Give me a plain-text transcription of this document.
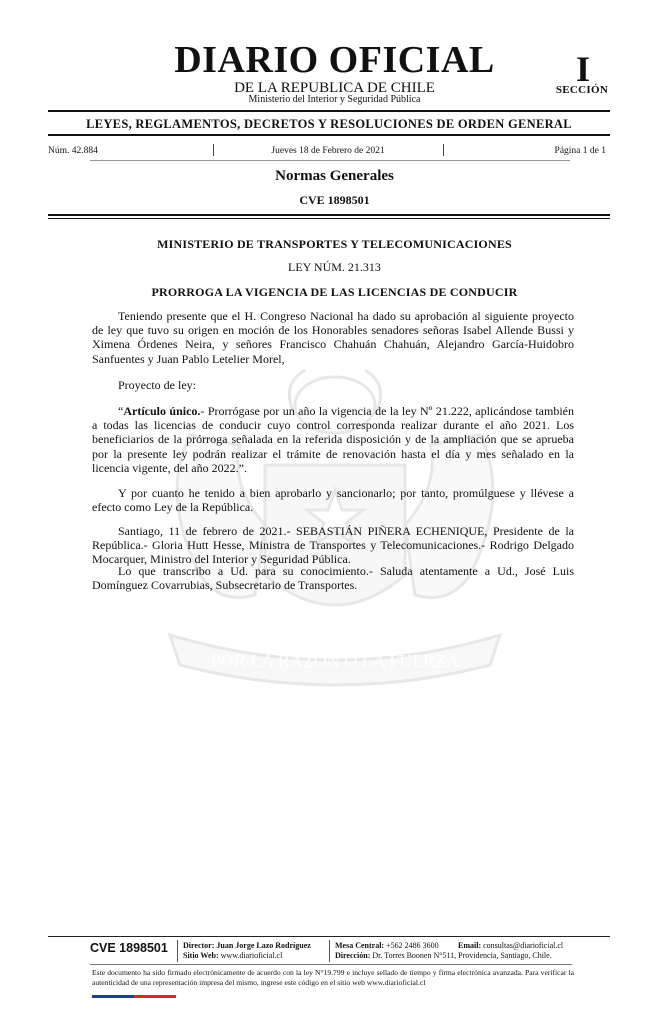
DIARIO OFICIAL
DE LA REPUBLICA DE CHILE
Ministerio del Interior y Seguridad Pública
I
SECCIÓN
LEYES, REGLAMENTOS, DECRETOS Y RESOLUCIONES DE ORDEN GENERAL
Núm. 42.884	Jueves 18 de Febrero de 2021	Página 1 de 1
Normas Generales
CVE 1898501
POR LA RAZON O LA FUERZA
MINISTERIO DE TRANSPORTES Y TELECOMUNICACIONES
LEY NÚM. 21.313
PRORROGA LA VIGENCIA DE LAS LICENCIAS DE CONDUCIR
Teniendo presente que el H. Congreso Nacional ha dado su aprobación al siguiente proyecto de ley que tuvo su origen en moción de los Honorables senadores señoras Isabel Allende Bussi y Ximena Órdenes Neira, y señores Francisco Chahuán Chahuán, Alejandro García-Huidobro Sanfuentes y Juan Pablo Letelier Morel,
Proyecto de ley:
“Artículo único.- Prorrógase por un año la vigencia de la ley Nº 21.222, aplicándose también a todas las licencias de conducir cuyo control corresponda realizar durante el año 2021. Los beneficiarios de la prórroga señalada en la referida disposición y de la ampliación que se aprueba por la presente ley podrán realizar el trámite de renovación hasta el día y mes señalado en la licencia vigente, del año 2022.”.
Y por cuanto he tenido a bien aprobarlo y sancionarlo; por tanto, promúlguese y llévese a efecto como Ley de la República.
Santiago, 11 de febrero de 2021.- SEBASTIÁN PIÑERA ECHENIQUE, Presidente de la República.- Gloria Hutt Hesse, Ministra de Transportes y Telecomunicaciones.- Rodrigo Delgado Mocarquer, Ministro del Interior y Seguridad Pública.
Lo que transcribo a Ud. para su conocimiento.- Saluda atentamente a Ud., José Luis Domínguez Covarrubias, Subsecretario de Transportes.
CVE 1898501 Director: Juan Jorge Lazo Rodríguez
Sitio Web: www.diarioficial.cl
Mesa Central: +562 2486 3600 Email: consultas@diarioficial.cl
Dirección: Dr. Torres Boonen N°511, Providencia, Santiago, Chile.
Este documento ha sido firmado electrónicamente de acuerdo con la ley N°19.799 e incluye sellado de tiempo y firma electrónica avanzada. Para verificar la autenticidad de una representación impresa del mismo, ingrese este código en el sitio web www.diarioficial.cl
